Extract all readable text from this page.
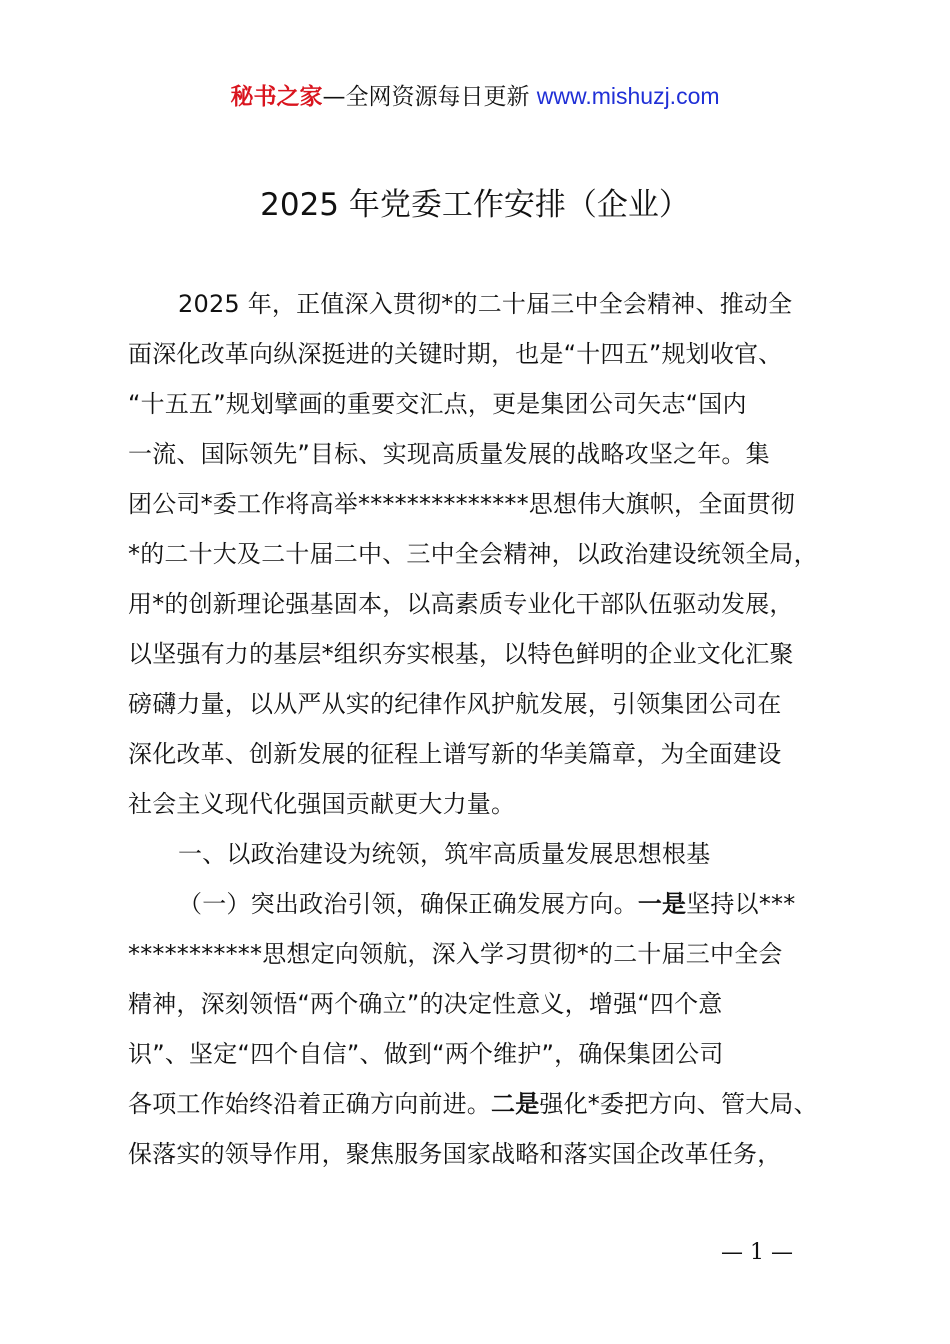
秘书之家—全网资源每日更新 www.mishuzj.com
2025 年党委工作安排（企业）
2025 年，正值深入贯彻*的二十届三中全会精神、推动全
面深化改革向纵深挺进的关键时期，也是“十四五”规划收官、
“十五五”规划擘画的重要交汇点，更是集团公司矢志“国内
一流、国际领先”目标、实现高质量发展的战略攻坚之年。集
团公司*委工作将高举**************思想伟大旗帜，全面贯彻
*的二十大及二十届二中、三中全会精神，以政治建设统领全局，
用*的创新理论强基固本，以高素质专业化干部队伍驱动发展，
以坚强有力的基层*组织夯实根基，以特色鲜明的企业文化汇聚
磅礴力量，以从严从实的纪律作风护航发展，引领集团公司在
深化改革、创新发展的征程上谱写新的华美篇章，为全面建设
社会主义现代化强国贡献更大力量。
一、以政治建设为统领，筑牢高质量发展思想根基
（一）突出政治引领，确保正确发展方向。一是坚持以***
***********思想定向领航，深入学习贯彻*的二十届三中全会
精神，深刻领悟“两个确立”的决定性意义，增强“四个意
识”、坚定“四个自信”、做到“两个维护”，确保集团公司
各项工作始终沿着正确方向前进。二是强化*委把方向、管大局、
保落实的领导作用，聚焦服务国家战略和落实国企改革任务，
— 1 —
